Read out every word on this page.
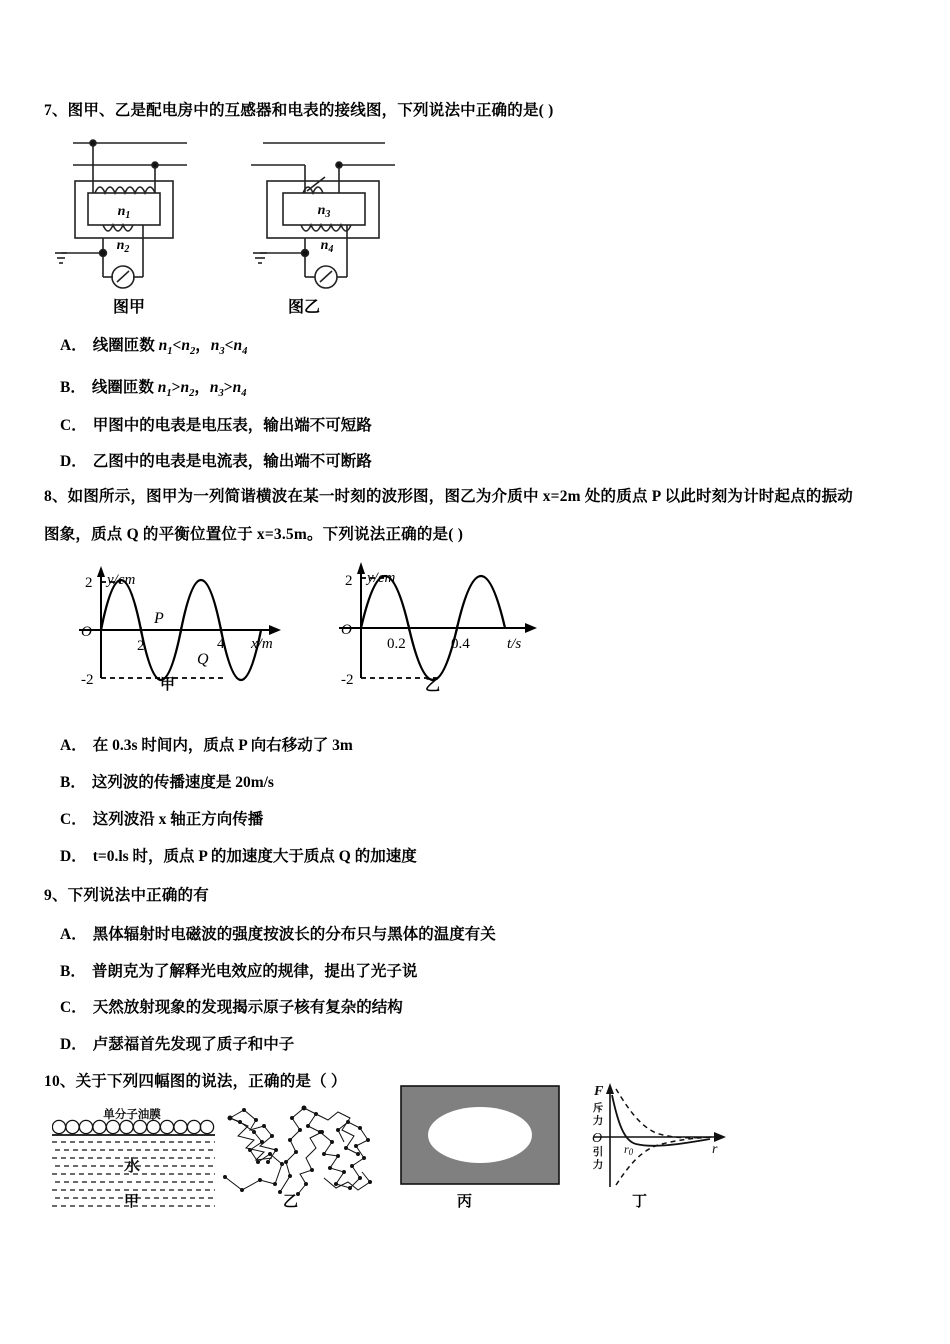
7、图甲、乙是配电房中的互感器和电表的接线图，下列说法中正确的是( )
$n_1$
$n_2$
$n_3$
$n_4$
图甲	图乙
A． 线圈匝数 $n_1<n_2$，$n_3<n_4$
B． 线圈匝数 $n_1>n_2$，$n_3>n_4$
C． 甲图中的电表是电压表，输出端不可短路
D． 乙图中的电表是电流表，输出端不可断路
8、如图所示，图甲为一列简谐横波在某一时刻的波形图，图乙为介质中 x=2m 处的质点 P 以此时刻为计时起点的振动
图象，质点 Q 的平衡位置位于 x=3.5m。下列说法正确的是( )
y/cm
x/m
O
2
-2
2	4
P
Q
甲
y/cm
t/s
O
2
-2
0.2	0.4
乙
A． 在 0.3s 时间内，质点 P 向右移动了 3m
B． 这列波的传播速度是 20m/s
C． 这列波沿 x 轴正方向传播
D． t=0.ls 时，质点 P 的加速度大于质点 Q 的加速度
9、下列说法中正确的有
A． 黑体辐射时电磁波的强度按波长的分布只与黑体的温度有关
B． 普朗克为了解释光电效应的规律，提出了光子说
C． 天然放射现象的发现揭示原子核有复杂的结构
D． 卢瑟福首先发现了质子和中子
10、关于下列四幅图的说法，正确的是（ ）
单分子油膜
水
F
r
O
r0
斥
力
引
力
甲	乙	丙	丁
